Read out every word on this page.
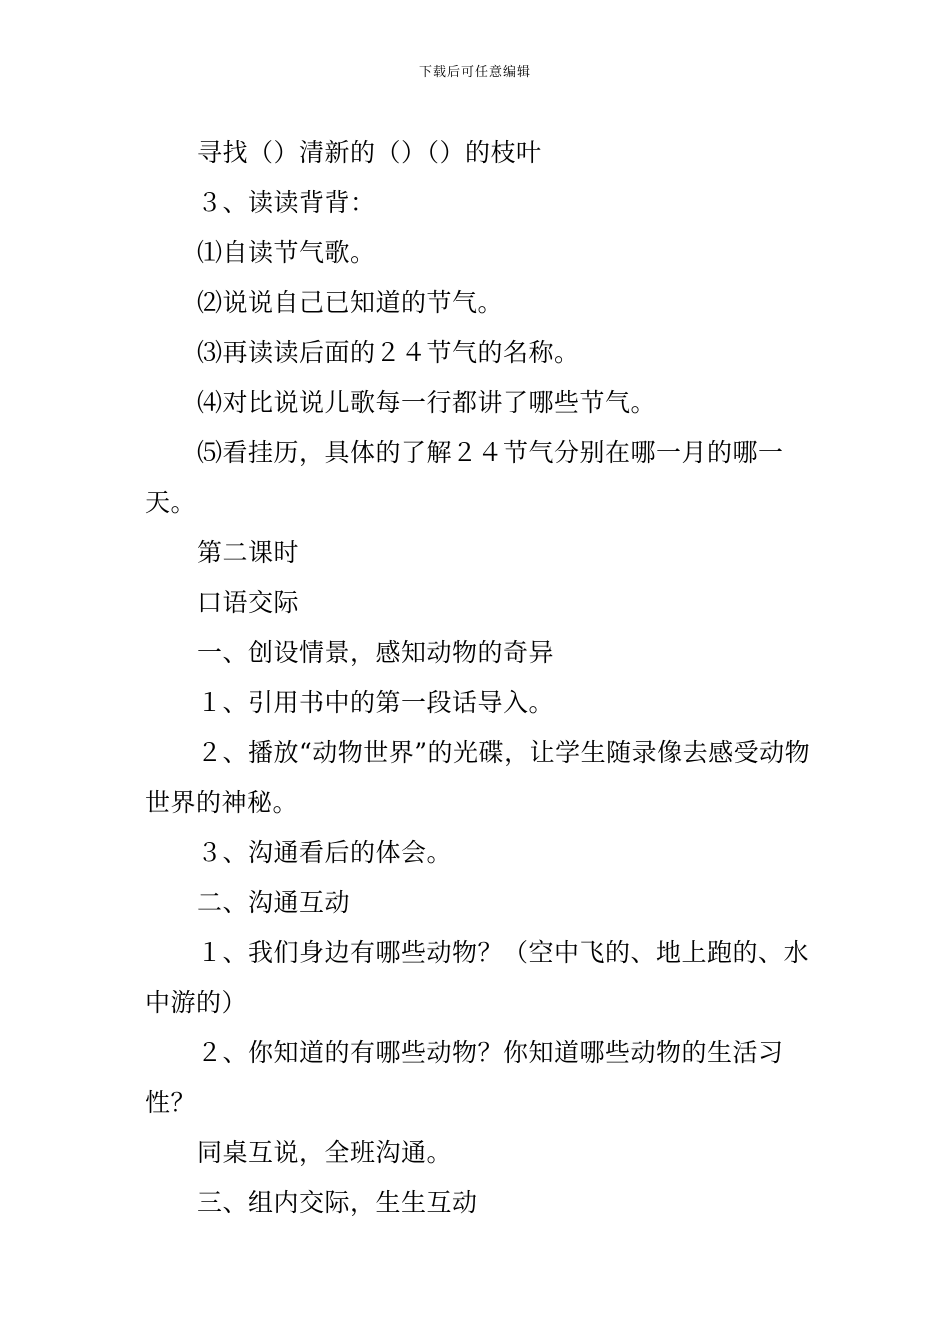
下载后可任意编辑

寻找（）清新的（）（）的枝叶

３、读读背背：

⑴自读节气歌。

⑵说说自己已知道的节气。

⑶再读读后面的２４节气的名称。

⑷对比说说儿歌每一行都讲了哪些节气。

⑸看挂历，具体的了解２４节气分别在哪一月的哪一天。

第二课时

口语交际

一、创设情景，感知动物的奇异

１、引用书中的第一段话导入。

２、播放“动物世界”的光碟，让学生随录像去感受动物世界的神秘。

３、沟通看后的体会。

二、沟通互动

１、我们身边有哪些动物？（空中飞的、地上跑的、水中游的）

２、你知道的有哪些动物？你知道哪些动物的生活习性？

同桌互说，全班沟通。

三、组内交际，生生互动
